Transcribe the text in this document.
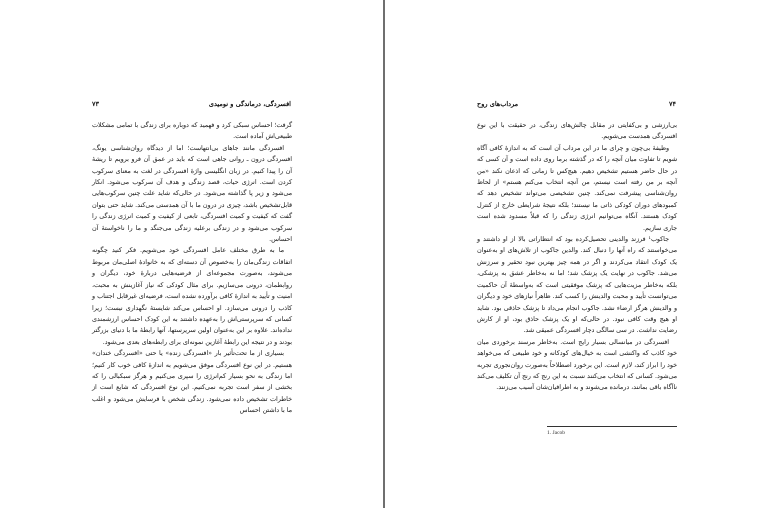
افسردگی، درماندگی و نومیدی
۷۳

گرفت؛ احساس سبکی کرد و فهمید که دوباره برای زندگی با تمامی مشکلات طبیعی‌اش آماده است.

افسردگی مانند جاهای بی‌انتهاست؛ اما از دیدگاه روان‌شناسی یونگ، افسردگی درون ـ روانی جاهی است که باید در عمق آن فرو برویم تا ریشهٔ آن را پیدا کنیم. در زبان انگلیسی واژهٔ افسردگی در لغت به معنای سرکوب کردن است. انرژی حیات، قصد زندگی و هدف آن سرکوب می‌شود. انکار می‌شود و زیر پا گذاشته می‌شود. در حالی‌که شاید علت چنین سرکوب‌هایی قابل‌تشخیص باشد، چیزی در درون ما با آن همدستی می‌کند. شاید حتی بتوان گفت که کیفیت و کمیت افسردگی، تابعی از کیفیت و کمیت انرژی زندگی را سرکوب می‌شود و در زندگی برعلیه زندگی می‌جنگد و ما را ناخواستهٔ آن احساس.

ما به طرق مختلف عامل افسردگی خود می‌شویم. فکر کنید چگونه اتفاقات زندگی‌مان را به‌خصوص آن دسته‌ای که به خانوادهٔ اصلی‌مان مربوط می‌شوند، به‌صورت مجموعه‌ای از فرضیه‌هایی دربارهٔ خود، دیگران و روابطمان، درونی می‌سازیم. برای مثال کودکی که نیاز آغازینش به محبت، امنیت و تأیید به اندازهٔ کافی برآورده نشده است، فرضیه‌ای غیرقابل اجتناب و کاذب را درونی می‌سازد. او احساس می‌کند شایستهٔ نگهداری نیست؛ زیرا کسانی که سرپرستی‌اش را به‌عهده داشتند به این کودک احساس ارزشمندی نداده‌اند. علاوه بر این به‌عنوان اولین سریرستها، آنها رابطهٔ ما با دنیای بزرگتر بودند و در نتیجه این رابطهٔ آغازین نمونه‌ای برای رابطه‌های بعدی می‌شود.

بسیاری از ما تحت‌تأثیر بار «افسردگی زنده» یا حتی «افسردگی خندان» هستیم. در این نوع افسردگی موفق می‌شویم به اندازهٔ کافی خوب کار کنیم؛ اما زندگی به نحو بسیار کم‌انرژی را سپری می‌کنیم و هرگز سبکبالی را که بخشی از سفر است تجربه نمی‌کنیم. این نوع افسردگی که شایع است از خاطرات تشخیص داده نمی‌شود. زندگی شخص با فرسایش می‌شود و اغلب ما با داشتن احساس

۷۴
مرداب‌های روح

بی‌ارزشی و بی‌کفایتی در مقابل چالش‌های زندگی، در حقیقت با این نوع افسردگی همدست می‌شویم.

وظیفهٔ بی‌چون و چرای ما در این مرداب آن است که به اندازهٔ کافی آگاه شویم تا تفاوت میان آنچه را که در گذشته برما روی داده است و آن کسی که در حال حاضر هستیم تشخیص دهیم. هیچ‌کس تا زمانی که اذعان نکند «من آنچه بر من رفته است نیستم، من آنچه انتخاب می‌کنم هستم» از لحاظ روان‌شناسی پیشرفت نمی‌کند. چنین تشخیصی می‌تواند تشخیص دهد که کمبودهای دوران کودکی ذاتی ما نیستند؛ بلکه نتیجهٔ شرایطی خارج از کنترل کودک هستند. آنگاه می‌توانیم انرژی زندگی را که قبلاً مسدود شده است جاری سازیم.

جاکوب¹ فرزند والدینی تحصیل‌کرده بود که انتظاراتی بالا از او داشتند و می‌خواستند که راه آنها را دنبال کند. والدین جاکوب از تلاش‌های او به‌عنوان یک کودک انتقاد می‌کردند و اگر در همه چیز بهترین نبود تحقیر و سرزنش می‌شد. جاکوب در نهایت یک پزشک شد؛ اما نه به‌خاطر عشق به پزشکی، بلکه به‌خاطر مزیت‌هایی که پزشک موفقیتی است که به‌واسطهٔ آن حاکمیت می‌توانست تأیید و محبت والدینش را کسب کند. ظاهراً نیازهای خود و دیگران و والدینش هرگز ارضاء نشد. جاکوب انجام می‌داد تا پزشک حاذقی بود. شاید او هیچ وقت کافی نبود. در حالی‌که او یک پزشک حاذق بود، او از کارش رضایت نداشت. در سی سالگی دچار افسردگی عمیقی شد.

افسردگی در میانسالی بسیار رایج است. به‌خاطر مرسند برخوردی میان خود کاذب که واکنشی است به خیال‌های کودکانه و خود طبیعی که می‌خواهد خود را ابراز کند، لازم است. این برخورد اصطلاحاً به‌صورت روان‌نجوری تجربه می‌شود. کسانی که انتخاب می‌کنند نسبت به این رنج که رنج آن تکلیف می‌کند ناآگاه باقی بمانند، درمانده می‌شوند و به اطرافیان‌شان آسیب می‌زنند.

1. Jacob
